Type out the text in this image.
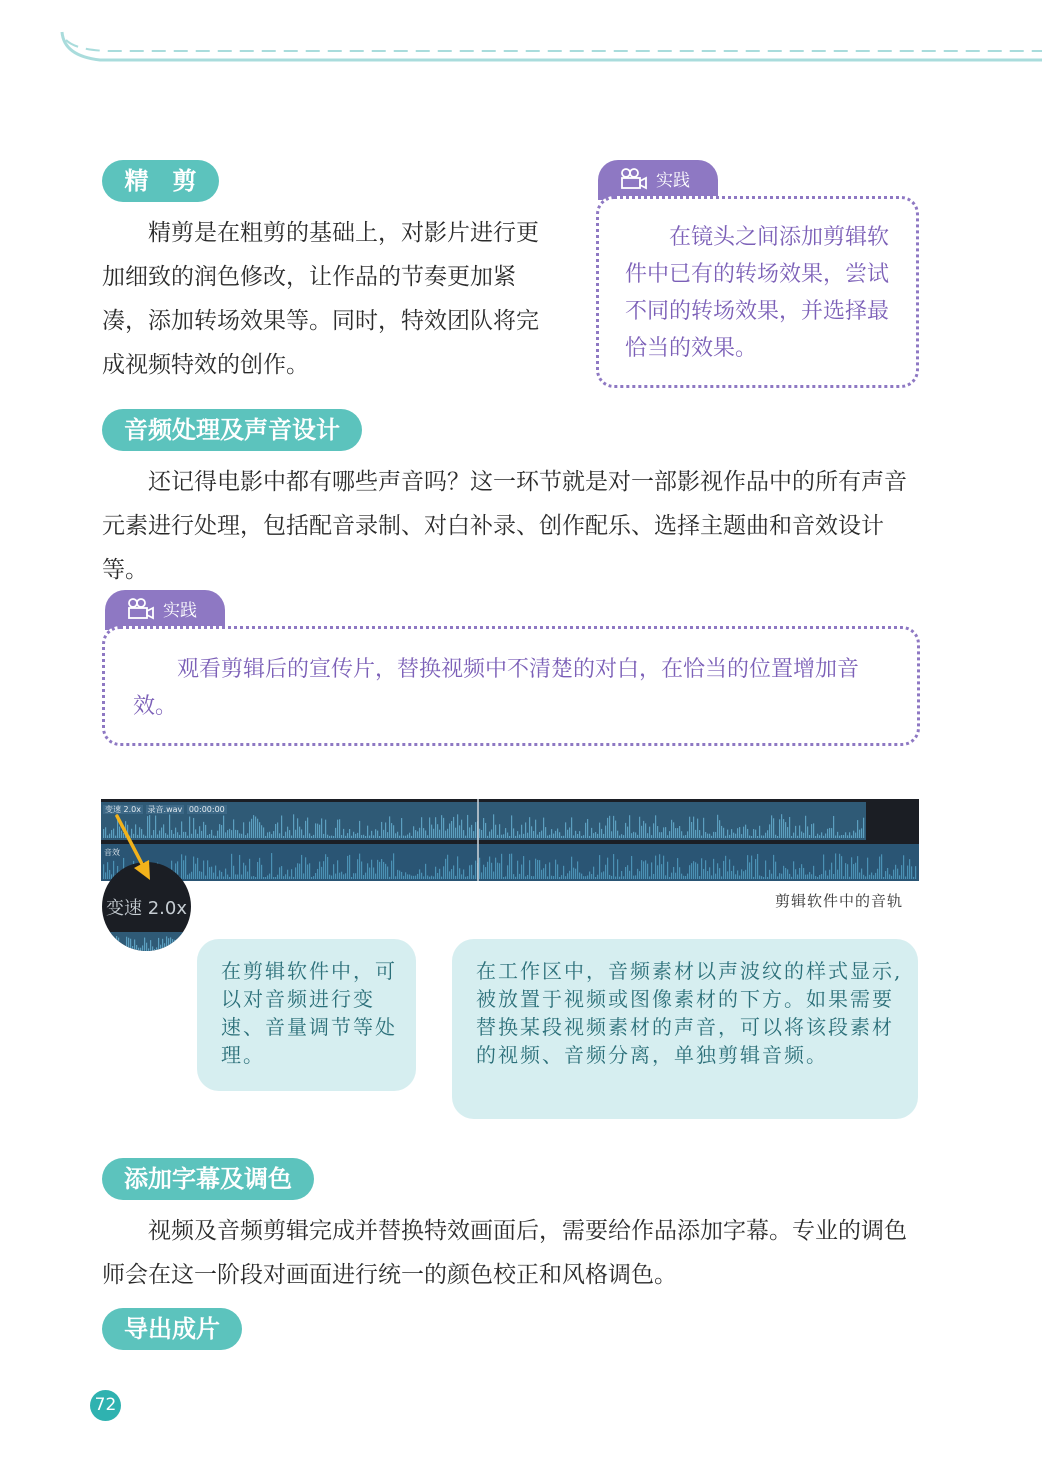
精　剪

精剪是在粗剪的基础上，对影片进行更加细致的润色修改，让作品的节奏更加紧凑，添加转场效果等。同时，特效团队将完成视频特效的创作。

实践

在镜头之间添加剪辑软件中已有的转场效果，尝试不同的转场效果，并选择最恰当的效果。

音频处理及声音设计

还记得电影中都有哪些声音吗？这一环节就是对一部影视作品中的所有声音元素进行处理，包括配音录制、对白补录、创作配乐、选择主题曲和音效设计等。

实践

观看剪辑后的宣传片，替换视频中不清楚的对白，在恰当的位置增加音效。

变速 2.0x 录音.wav 00:00:00
音效
变速 2.0x	剪辑软件中的音轨
在剪辑软件中，可以对音频进行变速、音量调节等处理。
在工作区中，音频素材以声波纹的样式显示,被放置于视频或图像素材的下方。如果需要替换某段视频素材的声音，可以将该段素材的视频、音频分离，单独剪辑音频。
添加字幕及调色

视频及音频剪辑完成并替换特效画面后，需要给作品添加字幕。专业的调色师会在这一阶段对画面进行统一的颜色校正和风格调色。

导出成片
72
